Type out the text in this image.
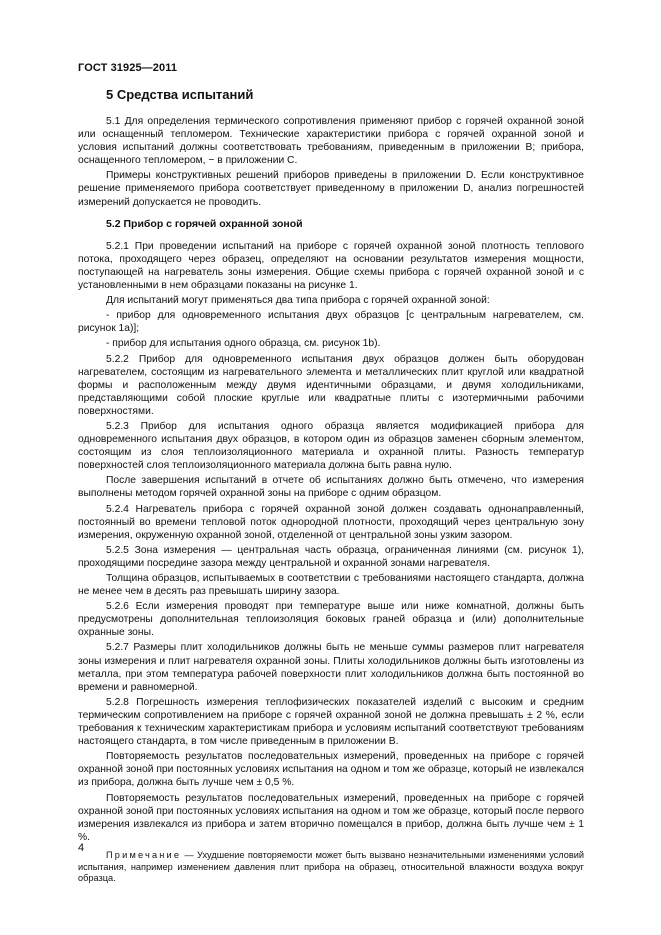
ГОСТ 31925—2011
5 Средства испытаний

5.1 Для определения термического сопротивления применяют прибор с горячей охранной зоной или оснащенный тепломером. Технические характеристики прибора с горячей охранной зоной и условия испытаний должны соответствовать требованиям, приведенным в приложении В; прибора, оснащенного тепломером, − в приложении С.

Примеры конструктивных решений приборов приведены в приложении D. Если конструктивное решение применяемого прибора соответствует приведенному в приложении D, анализ погрешностей измерений допускается не проводить.

5.2 Прибор с горячей охранной зоной

5.2.1 При проведении испытаний на приборе с горячей охранной зоной плотность теплового потока, проходящего через образец, определяют на основании результатов измерения мощности, поступающей на нагреватель зоны измерения. Общие схемы прибора с горячей охранной зоной и с установленными в нем образцами показаны на рисунке 1.

Для испытаний могут применяться два типа прибора с горячей охранной зоной:

- прибор для одновременного испытания двух образцов [с центральным нагревателем, см. рисунок 1a)];

- прибор для испытания одного образца, см. рисунок 1b).

5.2.2 Прибор для одновременного испытания двух образцов должен быть оборудован нагревателем, состоящим из нагревательного элемента и металлических плит круглой или квадратной формы и расположенным между двумя идентичными образцами, и двумя холодильниками, представляющими собой плоские круглые или квадратные плиты с изотермичными рабочими поверхностями.

5.2.3 Прибор для испытания одного образца является модификацией прибора для одновременного испытания двух образцов, в котором один из образцов заменен сборным элементом, состоящим из слоя теплоизоляционного материала и охранной плиты. Разность температур поверхностей слоя теплоизоляционного материала должна быть равна нулю.

После завершения испытаний в отчете об испытаниях должно быть отмечено, что измерения выполнены методом горячей охранной зоны на приборе с одним образцом.

5.2.4 Нагреватель прибора с горячей охранной зоной должен создавать однонаправленный, постоянный во времени тепловой поток однородной плотности, проходящий через центральную зону измерения, окруженную охранной зоной, отделенной от центральной зоны узким зазором.

5.2.5 Зона измерения — центральная часть образца, ограниченная линиями (см. рисунок 1), проходящими посредине зазора между центральной и охранной зонами нагревателя.

Толщина образцов, испытываемых в соответствии с требованиями настоящего стандарта, должна не менее чем в десять раз превышать ширину зазора.

5.2.6 Если измерения проводят при температуре выше или ниже комнатной, должны быть предусмотрены дополнительная теплоизоляция боковых граней образца и (или) дополнительные охранные зоны.

5.2.7 Размеры плит холодильников должны быть не меньше суммы размеров плит нагревателя зоны измерения и плит нагревателя охранной зоны. Плиты холодильников должны быть изготовлены из металла, при этом температура рабочей поверхности плит холодильников должна быть постоянной во времени и равномерной.

5.2.8 Погрешность измерения теплофизических показателей изделий с высоким и средним термическим сопротивлением на приборе с горячей охранной зоной не должна превышать ± 2 %, если требования к техническим характеристикам прибора и условиям испытаний соответствуют требованиям настоящего стандарта, в том числе приведенным в приложении В.

Повторяемость результатов последовательных измерений, проведенных на приборе с горячей охранной зоной при постоянных условиях испытания на одном и том же образце, который не извлекался из прибора, должна быть лучше чем ± 0,5 %.

Повторяемость результатов последовательных измерений, проведенных на приборе с горячей охранной зоной при постоянных условиях испытания на одном и том же образце, который после первого измерения извлекался из прибора и затем вторично помещался в прибор, должна быть лучше чем ± 1 %.

Примечание — Ухудшение повторяемости может быть вызвано незначительными изменениями условий испытания, например изменением давления плит прибора на образец, относительной влажности воздуха вокруг образца.

4
